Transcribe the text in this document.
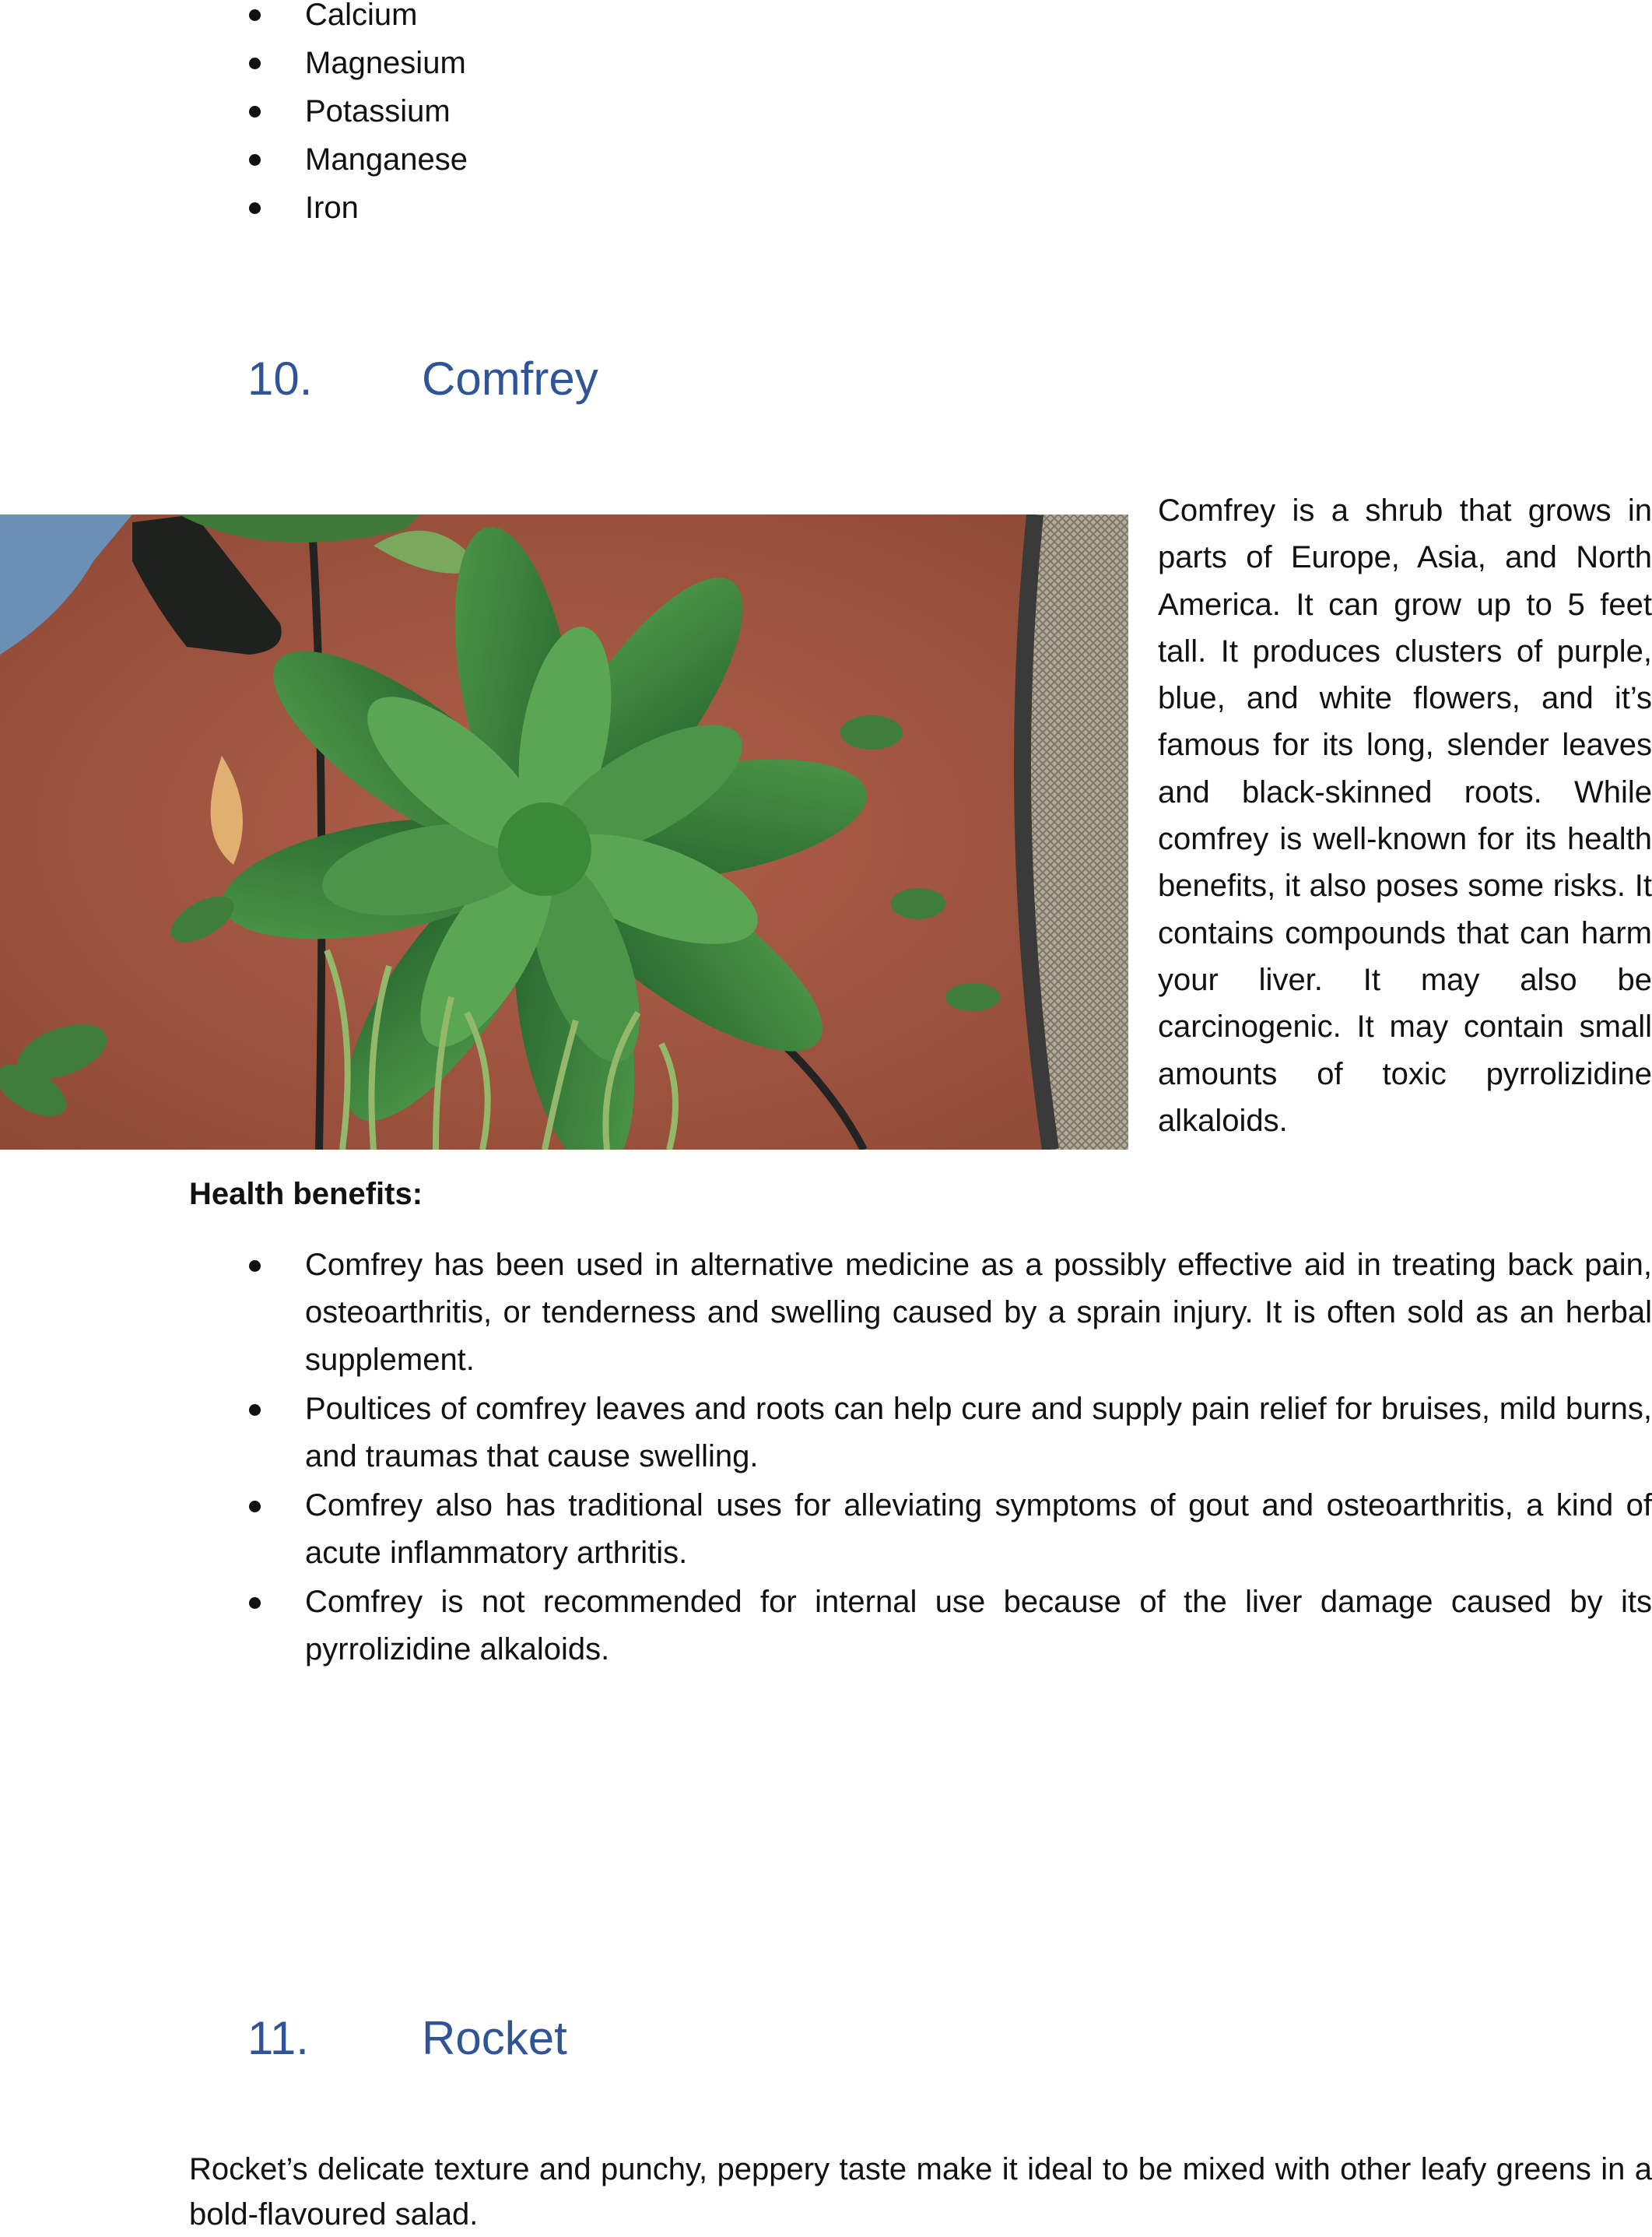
Calcium
Magnesium
Potassium
Manganese
Iron
10. Comfrey

Comfrey is a shrub that grows in parts of Europe, Asia, and North America. It can grow up to 5 feet tall. It produces clusters of purple, blue, and white flowers, and it’s famous for its long, slender leaves and black-skinned roots. While comfrey is well-known for its health benefits, it also poses some risks. It contains compounds that can harm your liver. It may also be carcinogenic. It may contain small amounts of toxic pyrrolizidine alkaloids.

Health benefits:

Comfrey has been used in alternative medicine as a possibly effective aid in treating back pain, osteoarthritis, or tenderness and swelling caused by a sprain injury. It is often sold as an herbal supplement.
Poultices of comfrey leaves and roots can help cure and supply pain relief for bruises, mild burns, and traumas that cause swelling.
Comfrey also has traditional uses for alleviating symptoms of gout and osteoarthritis, a kind of acute inflammatory arthritis.
Comfrey is not recommended for internal use because of the liver damage caused by its pyrrolizidine alkaloids.
11. Rocket

Rocket’s delicate texture and punchy, peppery taste make it ideal to be mixed with other leafy greens in a bold-flavoured salad.
